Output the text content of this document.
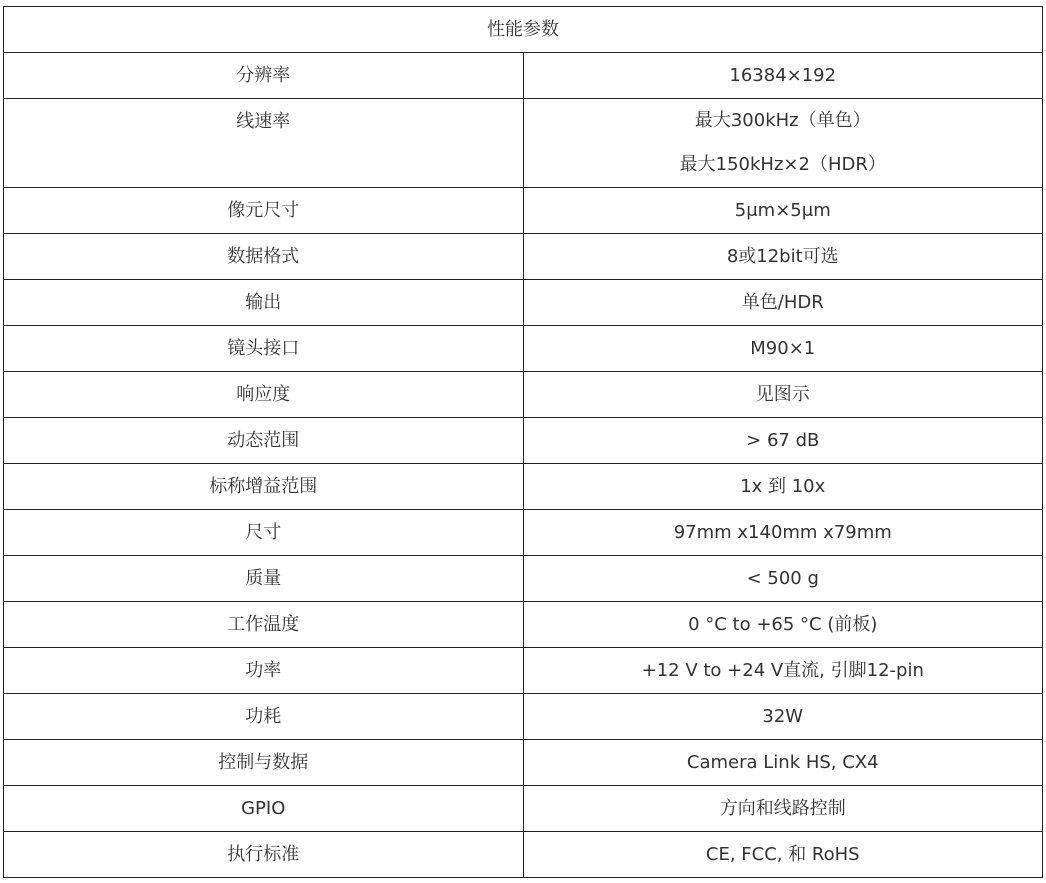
性能参数	
分辨率	16384×192
线速率	最大300kHz（单色）
最大150kHz×2（HDR）

像元尺寸	5μm×5μm
数据格式	8或12bit可选
输出	单色/HDR
镜头接口	M90×1
响应度	见图示
动态范围	> 67 dB
标称增益范围	1x 到 10x
尺寸	97mm x140mm x79mm
质量	< 500 g
工作温度	0 °C to +65 °C (前板)
功率	+12 V to +24 V直流, 引脚12-pin
功耗	32W
控制与数据	Camera Link HS, CX4
GPIO	方向和线路控制
执行标准	CE, FCC, 和 RoHS
